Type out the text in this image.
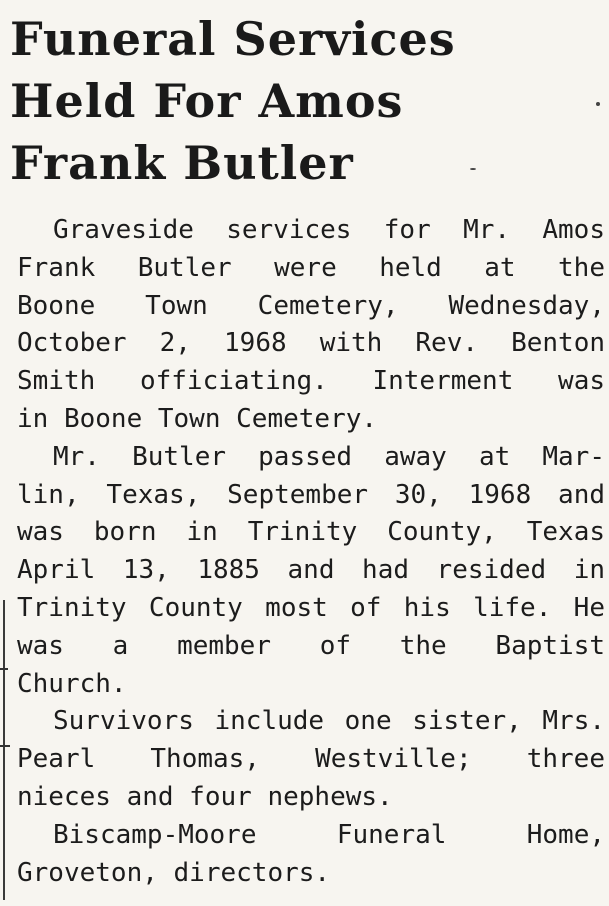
Funeral Services
Held For Amos
Frank Butler

Graveside services for Mr. Amos
Frank Butler were held at the
Boone Town Cemetery, Wednesday,
October 2, 1968 with Rev. Benton
Smith officiating. Interment was
in Boone Town Cemetery.

Mr. Butler passed away at Mar-
lin, Texas, September 30, 1968 and
was born in Trinity County, Texas
April 13, 1885 and had resided in
Trinity County most of his life. He
was a member of the Baptist
Church.

Survivors include one sister, Mrs.
Pearl Thomas, Westville; three
nieces and four nephews.

Biscamp-Moore Funeral Home,
Groveton, directors.
